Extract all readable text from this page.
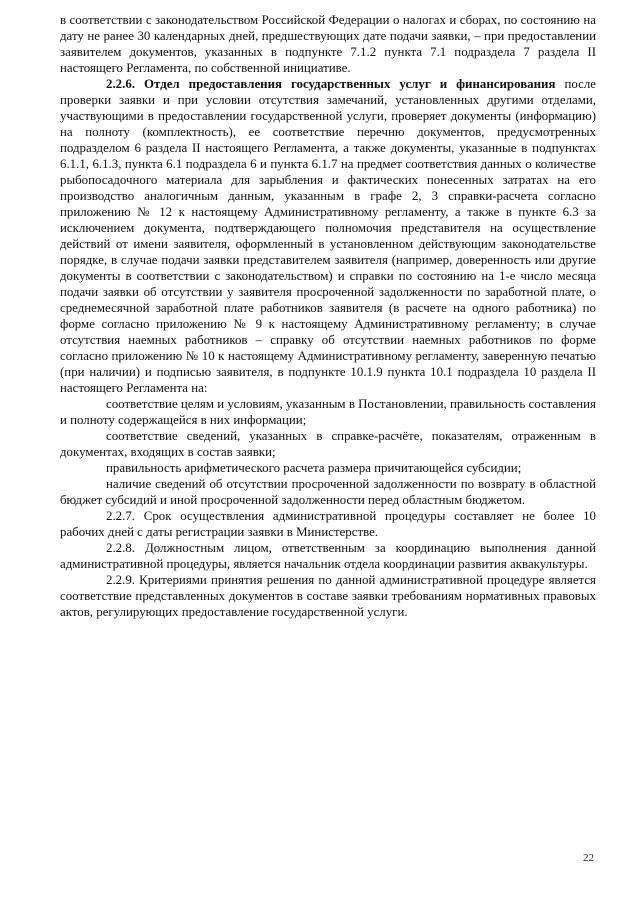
в соответствии с законодательством Российской Федерации о налогах и сборах, по состоянию на дату не ранее 30 календарных дней, предшествующих дате подачи заявки, – при предоставлении заявителем документов, указанных в подпункте 7.1.2 пункта 7.1 подраздела 7 раздела II настоящего Регламента, по собственной инициативе.

2.2.6. Отдел предоставления государственных услуг и финансирования после проверки заявки и при условии отсутствия замечаний, установленных другими отделами, участвующими в предоставлении государственной услуги, проверяет документы (информацию) на полноту (комплектность), ее соответствие перечню документов, предусмотренных подразделом 6 раздела II настоящего Регламента, а также документы, указанные в подпунктах 6.1.1, 6.1.3, пункта 6.1 подраздела 6 и пункта 6.1.7 на предмет соответствия данных о количестве рыбопосадочного материала для зарыбления и фактических понесенных затратах на его производство аналогичным данным, указанным в графе 2, 3 справки-расчета согласно приложению № 12 к настоящему Административному регламенту, а также в пункте 6.3 за исключением документа, подтверждающего полномочия представителя на осуществление действий от имени заявителя, оформленный в установленном действующим законодательстве порядке, в случае подачи заявки представителем заявителя (например, доверенность или другие документы в соответствии с законодательством) и справки по состоянию на 1-е число месяца подачи заявки об отсутствии у заявителя просроченной задолженности по заработной плате, о среднемесячной заработной плате работников заявителя (в расчете на одного работника) по форме согласно приложению № 9 к настоящему Административному регламенту; в случае отсутствия наемных работников – справку об отсутствии наемных работников по форме согласно приложению № 10 к настоящему Административному регламенту, заверенную печатью (при наличии) и подписью заявителя, в подпункте 10.1.9 пункта 10.1 подраздела 10 раздела II настоящего Регламента на:

соответствие целям и условиям, указанным в Постановлении, правильность составления и полноту содержащейся в них информации;

соответствие сведений, указанных в справке-расчёте, показателям, отраженным в документах, входящих в состав заявки;

правильность арифметического расчета размера причитающейся субсидии;

наличие сведений об отсутствии просроченной задолженности по возврату в областной бюджет субсидий и иной просроченной задолженности перед областным бюджетом.

2.2.7. Срок осуществления административной процедуры составляет не более 10 рабочих дней с даты регистрации заявки в Министерстве.

2.2.8. Должностным лицом, ответственным за координацию выполнения данной административной процедуры, является начальник отдела координации развития аквакультуры.

2.2.9. Критериями принятия решения по данной административной процедуре является соответствие представленных документов в составе заявки требованиям нормативных правовых актов, регулирующих предоставление государственной услуги.

22
